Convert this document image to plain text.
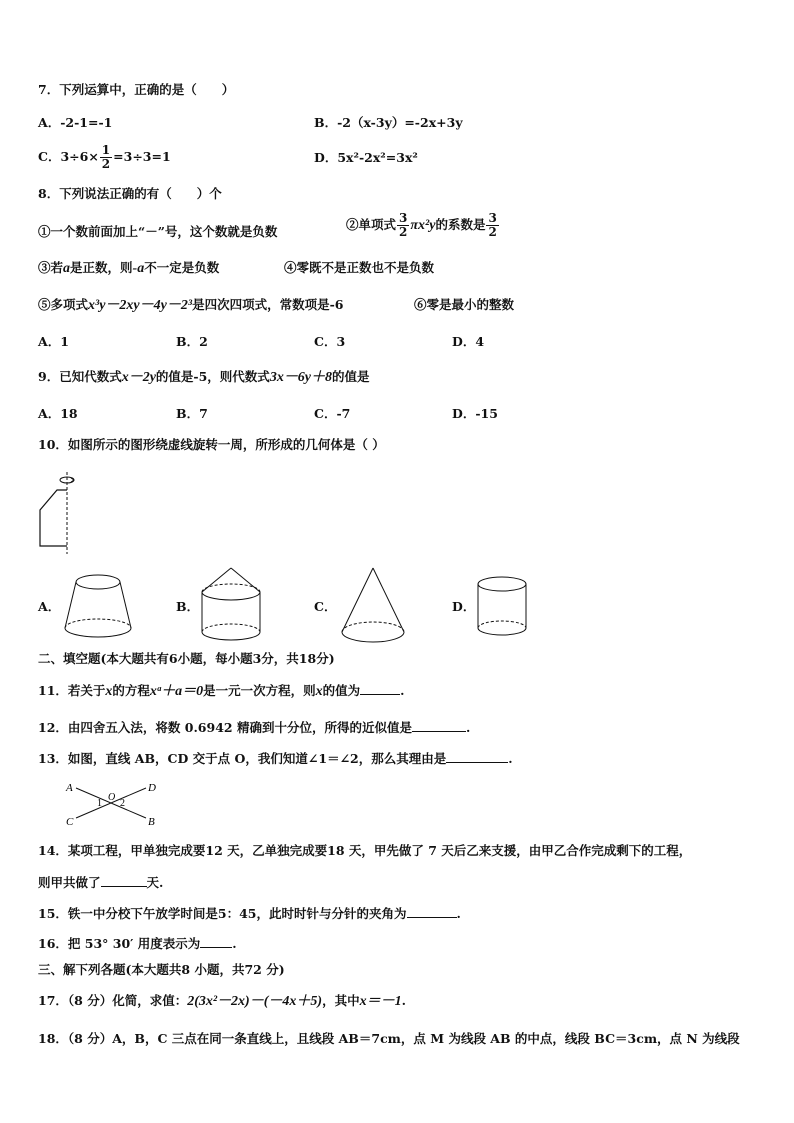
7．下列运算中，正确的是（　　）
A．-2-1=-1	B．-2（x-3y）=-2x+3y
C．$3\div 6\times \frac{1}{2} =3\div 3=1$	D．5x²-2x²=3x²
8．下列说法正确的有（　　）个
①一个数前面加上“－”号，这个数就是负数	②单项式 $\frac{3}{2} \pi x^2y$的系数是 $\frac{3}{2}$
③若a是正数，则-a不一定是负数	④零既不是正数也不是负数
⑤多项式x³y－2xy－4y－2³是四次四项式，常数项是-6	⑥零是最小的整数
A．1	B．2	C．3	D．4
9．已知代数式x－2y的值是-5，则代数式3x－6y＋8的值是
A．18	B．7	C．-7	D．-15
10．如图所示的图形绕虚线旋转一周，所形成的几何体是（ ）
A．	B．	C．	D．
二、填空题(本大题共有6小题，每小题3分，共18分)
11．若关于x的方程xᵃ＋a＝0是一元一次方程，则x的值为	.
12．由四舍五入法，将数 0.6942 精确到十分位，所得的近似值是	.
13．如图，直线 AB，CD 交于点 O，我们知道∠1＝∠2，那么其理由是	.
A	D
C	B
1
O
2
14．某项工程，甲单独完成要12 天，乙单独完成要18 天，甲先做了 7 天后乙来支援，由甲乙合作完成剩下的工程，
则甲共做了	天.
15．铁一中分校下午放学时间是5：45，此时时针与分针的夹角为	.
16．把 53° 30′ 用度表示为	.
三、解下列各题(本大题共8 小题，共72 分)
17．（8 分）化简，求值：2(3x²－2x)－(－4x＋5)，其中x＝－1.
18．（8 分）A，B，C 三点在同一条直线上，且线段 AB＝7cm，点 M 为线段 AB 的中点，线段 BC＝3cm，点 N 为线段
